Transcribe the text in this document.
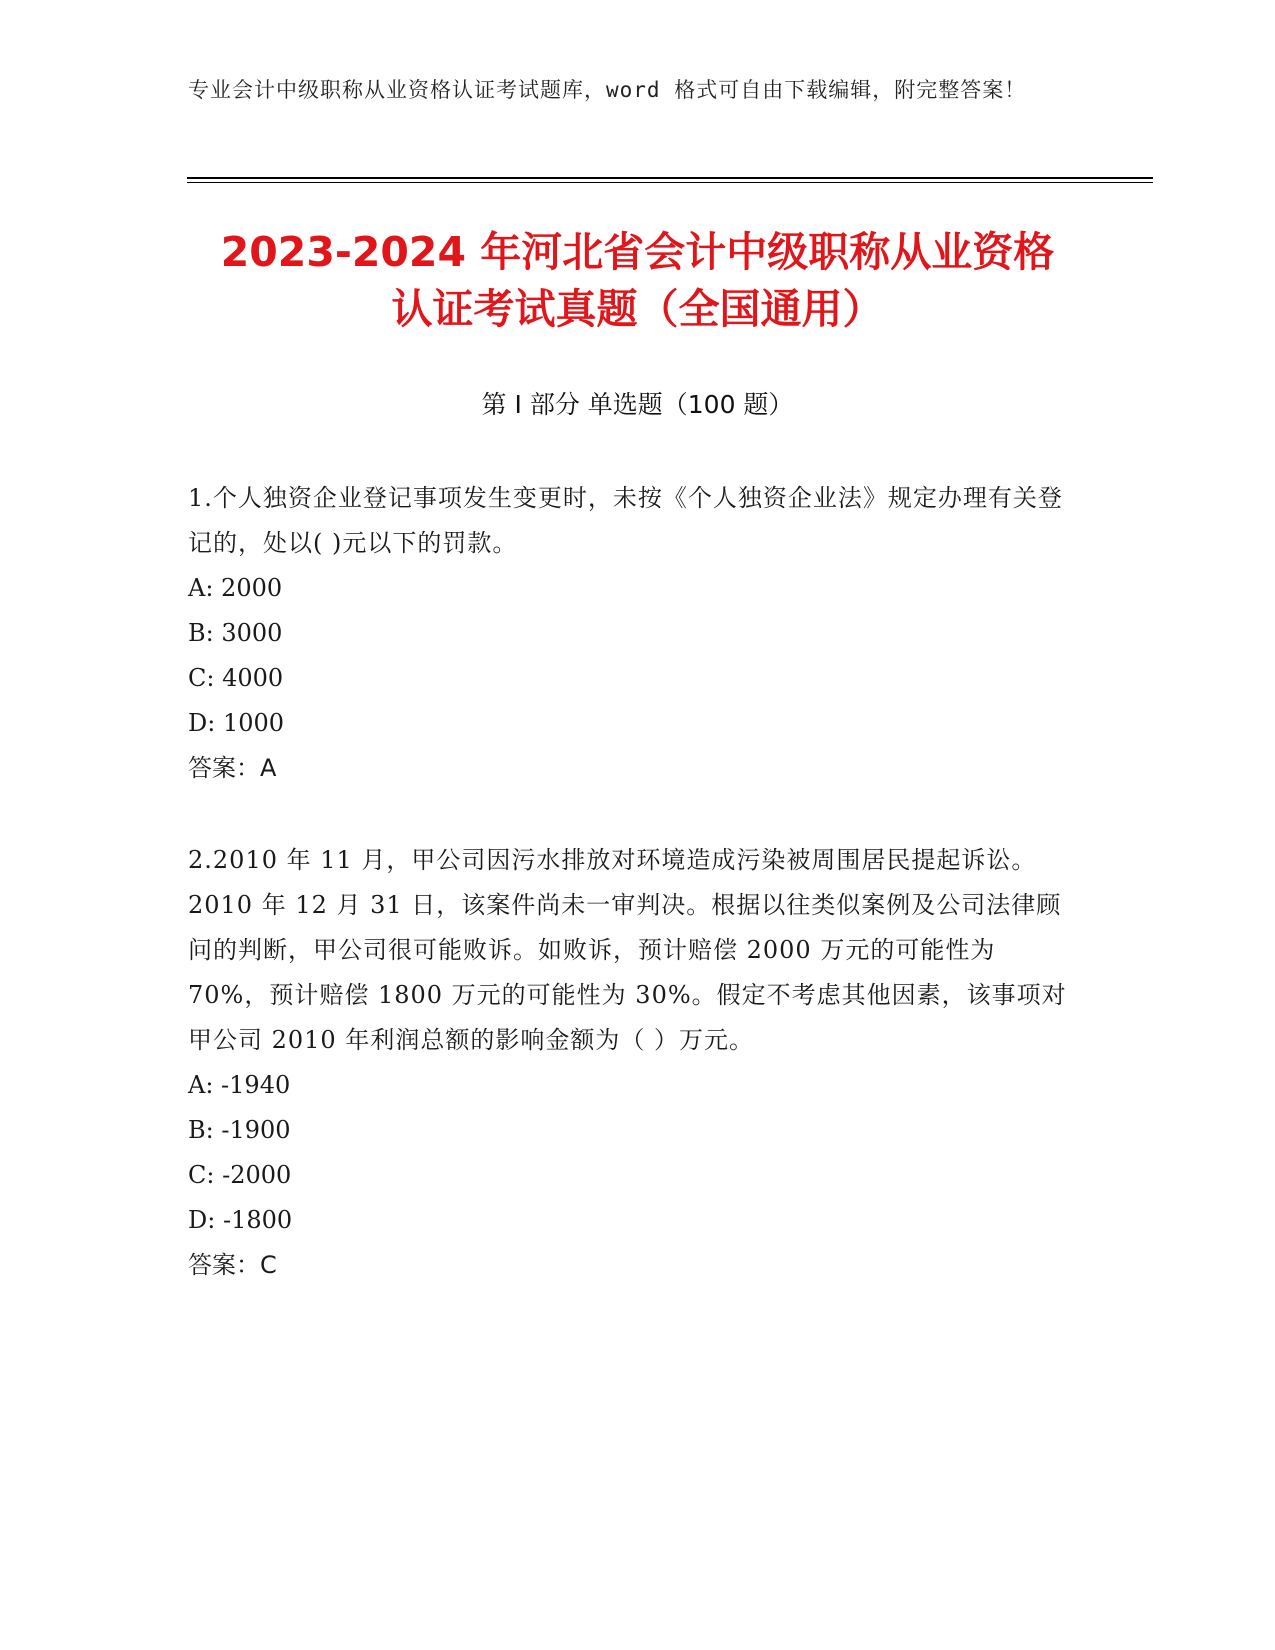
专业会计中级职称从业资格认证考试题库，word 格式可自由下载编辑，附完整答案！
2023-2024 年河北省会计中级职称从业资格
认证考试真题（全国通用）
第 I 部分 单选题（100 题）
1.个人独资企业登记事项发生变更时，未按《个人独资企业法》规定办理有关登记的，处以( )元以下的罚款。
A: 2000
B: 3000
C: 4000
D: 1000
答案：A
2.2010 年 11 月，甲公司因污水排放对环境造成污染被周围居民提起诉讼。2010 年 12 月 31 日，该案件尚未一审判决。根据以往类似案例及公司法律顾问的判断，甲公司很可能败诉。如败诉，预计赔偿 2000 万元的可能性为 70%，预计赔偿 1800 万元的可能性为 30%。假定不考虑其他因素，该事项对甲公司 2010 年利润总额的影响金额为（ ）万元。
A: -1940
B: -1900
C: -2000
D: -1800
答案：C
